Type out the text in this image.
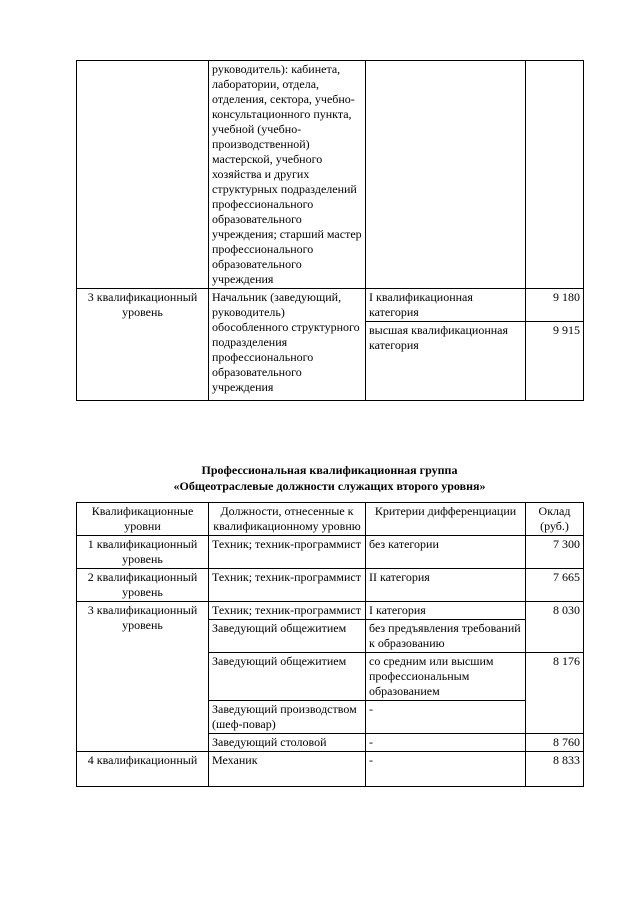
	руководитель): кабинета, лаборатории, отдела, отделения, сектора, учебно-консультационного пункта, учебной (учебно-производственной) мастерской, учебного хозяйства и других структурных подразделений профессионального образовательного учреждения; старший мастер профессионального образовательного учреждения		
3 квалификационный уровень	Начальник (заведующий, руководитель) обособленного структурного подразделения профессионального образовательного учреждения	I квалификационная категория	9 180
		высшая квалификационная категория	9 915
Профессиональная квалификационная группа
«Общеотраслевые должности служащих второго уровня»
Квалификационные уровни	Должности, отнесенные к квалификационному уровню	Критерии дифференциации	Оклад (руб.)
1 квалификационный уровень	Техник; техник-программист	без категории	7 300
2 квалификационный уровень	Техник; техник-программист	II категория	7 665
3 квалификационный уровень	Техник; техник-программист	I категория	8 030
	Заведующий общежитием	без предъявления требований к образованию	
	Заведующий общежитием	со средним или высшим профессиональным образованием	8 176
	Заведующий производством (шеф-повар)	-	
	Заведующий столовой	-	8 760
4 квалификационный	Механик	-	8 833
